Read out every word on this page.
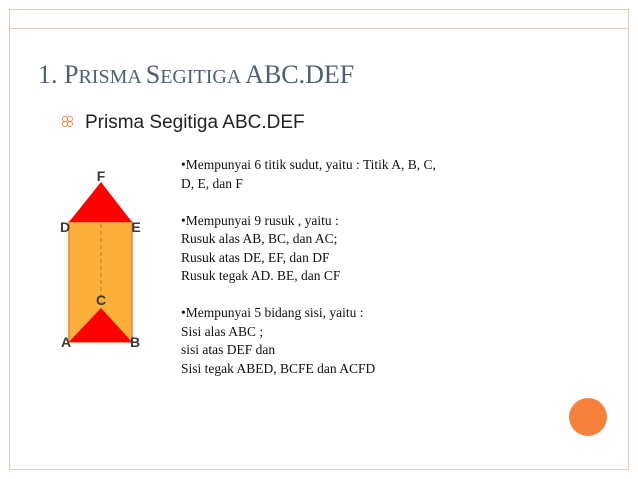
1. PRISMA SEGITIGA ABC.DEF
Prisma Segitiga ABC.DEF
F
D	E
C
A	B

•Mempunyai 6 titik sudut, yaitu : Titik A, B, C,

D, E, dan F

•Mempunyai 9 rusuk , yaitu :

Rusuk alas AB, BC, dan AC;

Rusuk atas DE, EF, dan DF

Rusuk tegak AD. BE, dan CF

•Mempunyai 5 bidang sisi, yaitu :

Sisi alas ABC ;

sisi atas DEF dan

Sisi tegak ABED, BCFE dan ACFD
